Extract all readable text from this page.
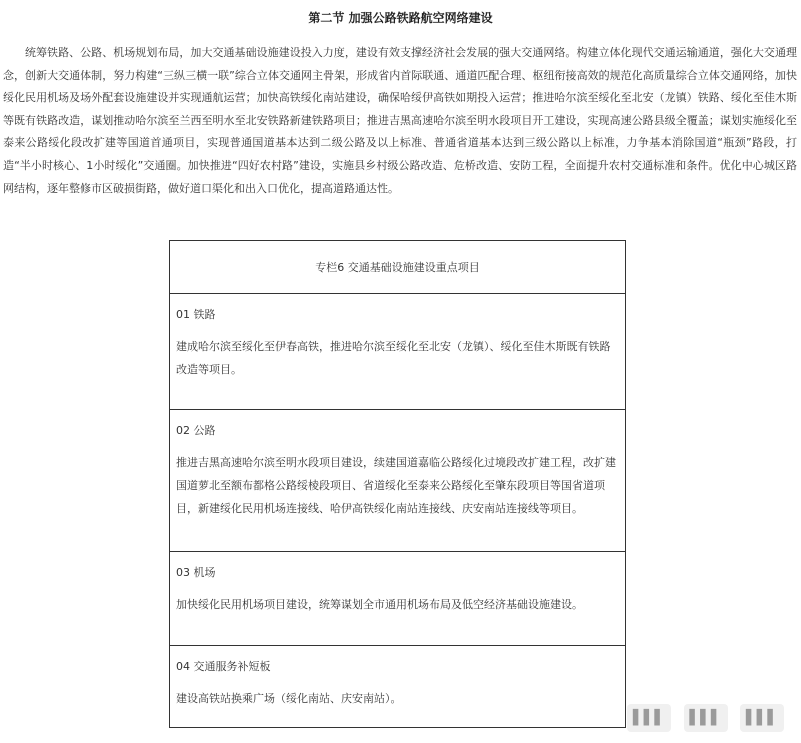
第二节 加强公路铁路航空网络建设

统筹铁路、公路、机场规划布局，加大交通基础设施建设投入力度，建设有效支撑经济社会发展的强大交通网络。构建立体化现代交通运输通道，强化大交通理念，创新大交通体制，努力构建“三纵三横一联”综合立体交通网主骨架，形成省内首际联通、通道匹配合理、枢纽衔接高效的规范化高质量综合立体交通网络，加快绥化民用机场及场外配套设施建设并实现通航运营；加快高铁绥化南站建设，确保哈绥伊高铁如期投入运营；推进哈尔滨至绥化至北安（龙镇）铁路、绥化至佳木斯等既有铁路改造，谋划推动哈尔滨至兰西至明水至北安铁路新建铁路项目；推进吉黑高速哈尔滨至明水段项目开工建设，实现高速公路县级全覆盖；谋划实施绥化至泰来公路绥化段改扩建等国道首通项目，实现普通国道基本达到二级公路及以上标准、普通省道基本达到三级公路以上标准，力争基本消除国道“瓶颈”路段，打造“半小时核心、1小时绥化”交通圈。加快推进“四好农村路”建设，实施县乡村级公路改造、危桥改造、安防工程，全面提升农村交通标准和条件。优化中心城区路网结构，逐年整修市区破损街路，做好道口渠化和出入口优化，提高道路通达性。

专栏6 交通基础设施建设重点项目

01 铁路
建成哈尔滨至绥化至伊春高铁，推进哈尔滨至绥化至北安（龙镇）、绥化至佳木斯既有铁路改造等项目。

02 公路
推进吉黑高速哈尔滨至明水段项目建设，续建国道嘉临公路绥化过境段改扩建工程，改扩建国道萝北至额布都格公路绥棱段项目、省道绥化至泰来公路绥化至肇东段项目等国省道项目，新建绥化民用机场连接线、哈伊高铁绥化南站连接线、庆安南站连接线等项目。

03 机场
加快绥化民用机场项目建设，统筹谋划全市通用机场布局及低空经济基础设施建设。

04 交通服务补短板
建设高铁站换乘广场（绥化南站、庆安南站）。
▌▌▌ ▌▌▌ ▌▌▌
